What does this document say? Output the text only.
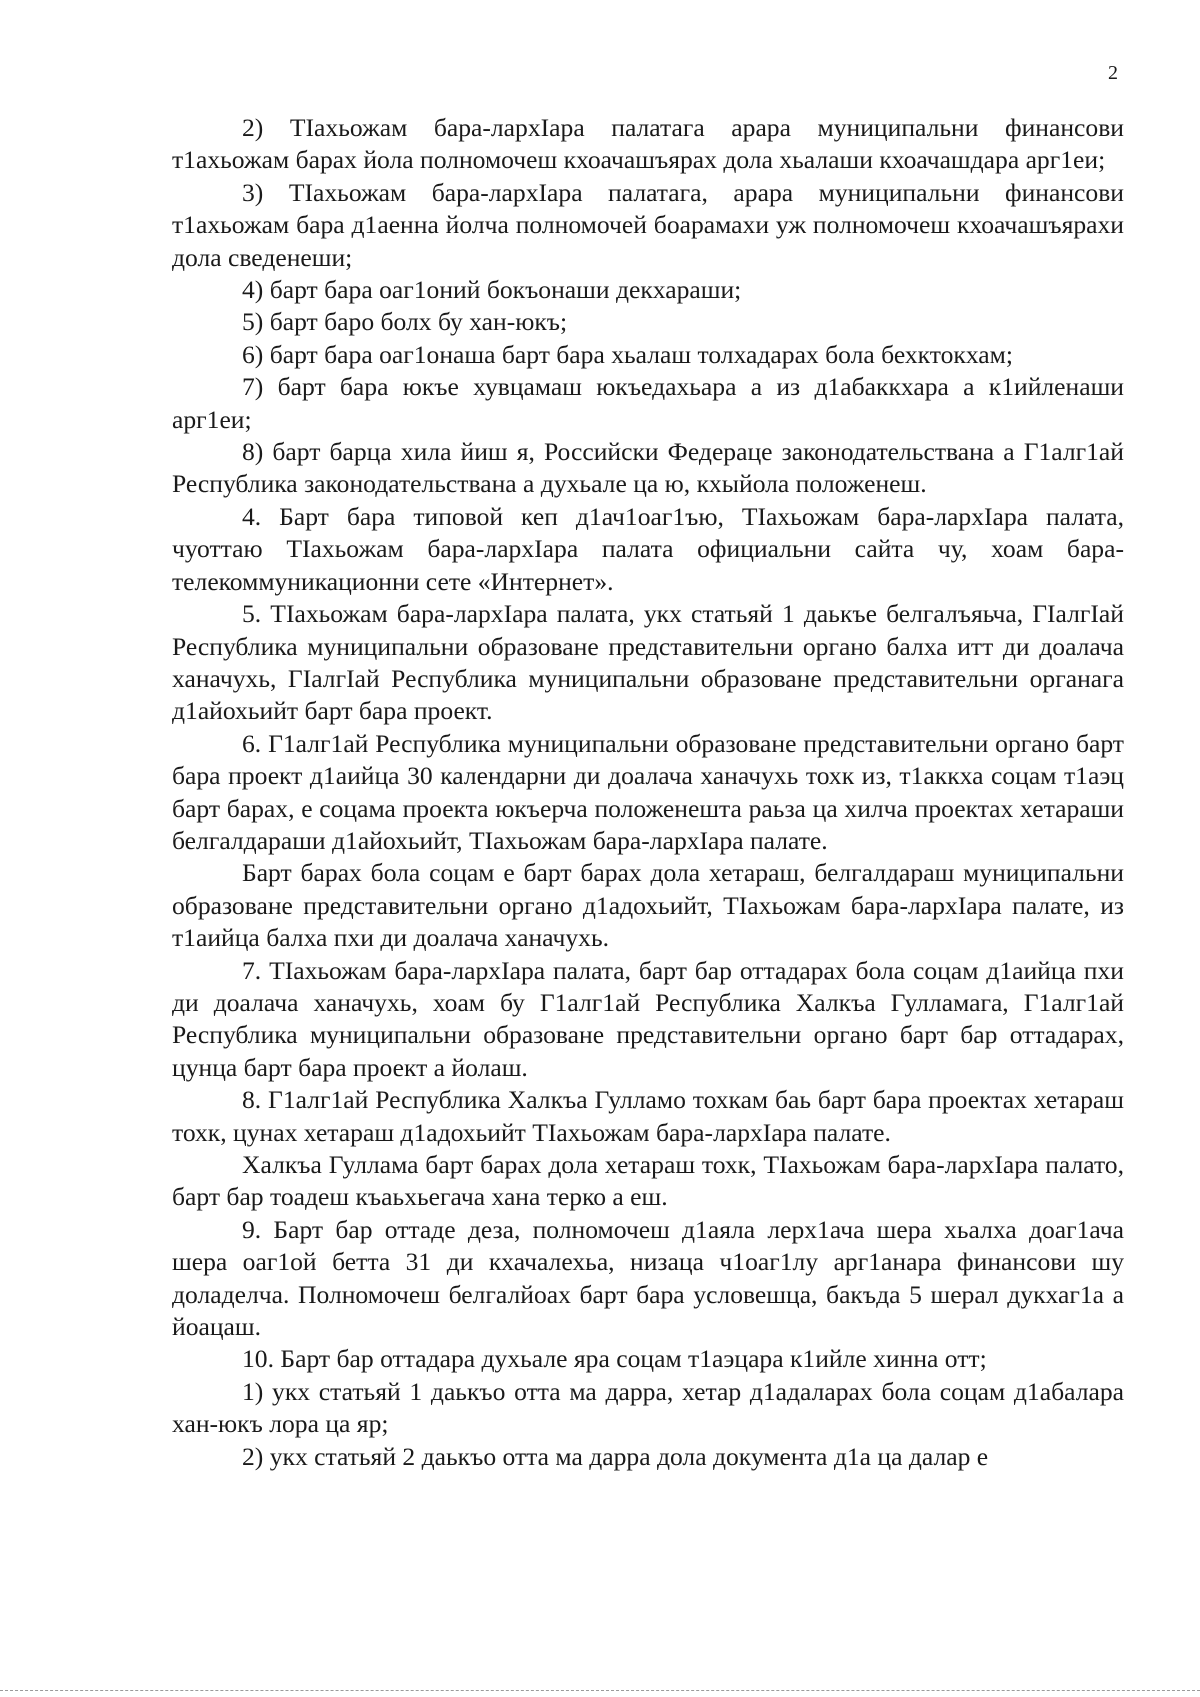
2

2) ТIахьожам бара-лархIара палатага арара муниципальни финансови т1ахьожам барах йола полномочеш кхоачашъярах дола хьалаши кхоачашдара арг1еи;

3) ТIахьожам бара-лархIара палатага, арара муниципальни финансови т1ахьожам бара д1аенна йолча полномочей боарамахи уж полномочеш кхоачашъярахи дола сведенеши;

4) барт бара оаг1оний бокъонаши декхараши;

5) барт баро болх бу хан-юкъ;

6) барт бара оаг1онаша барт бара хьалаш толхадарах бола бехктокхам;

7) барт бара юкъе хувцамаш юкъедахьара а из д1абаккхара а к1ийленаши арг1еи;

8) барт барца хила йиш я, Российски Федераце законодательствана а Г1алг1ай Республика законодательствана а духьале ца ю, кхыйола положенеш.

4. Барт бара типовой кеп д1ач1оаг1ъю, ТIахьожам бара-лархIара палата, чуоттаю ТIахьожам бара-лархIара палата официальни сайта чу, хоам бара-телекоммуникационни сете «Интернет».

5. ТIахьожам бара-лархIара палата, укх статьяй 1 даькъе белгалъяьча, ГIалгIай Республика муниципальни образоване представительни органо балха итт ди доалача ханачухь, ГIалгIай Республика муниципальни образоване представительни органага д1айохьийт барт бара проект.

6. Г1алг1ай Республика муниципальни образоване представительни органо барт бара проект д1аийца 30 календарни ди доалача ханачухь тохк из, т1аккха соцам т1аэц барт барах, е соцама проекта юкъерча положенешта раьза ца хилча проектах хетараши белгалдараши д1айохьийт, ТIахьожам бара-лархIара палате.

Барт барах бола соцам е барт барах дола хетараш, белгалдараш муниципальни образоване представительни органо д1адохьийт, ТIахьожам бара-лархIара палате, из т1аийца балха пхи ди доалача ханачухь.

7. ТIахьожам бара-лархIара палата, барт бар оттадарах бола соцам д1аийца пхи ди доалача ханачухь, хоам бу Г1алг1ай Республика Халкъа Гулламага, Г1алг1ай Республика муниципальни образоване представительни органо барт бар оттадарах, цунца барт бара проект а йолаш.

8. Г1алг1ай Республика Халкъа Гулламо тохкам баь барт бара проектах хетараш тохк, цунах хетараш д1адохьийт ТIахьожам бара-лархIара палате.

Халкъа Гуллама барт барах дола хетараш тохк, ТIахьожам бара-лархIара палато, барт бар тоадеш къаьхьегача хана терко а еш.

9. Барт бар оттаде деза, полномочеш д1аяла лерх1ача шера хьалха доаг1ача шера оаг1ой бетта 31 ди кхачалехьа, низаца ч1оаг1лу арг1анара финансови шу доладелча. Полномочеш белгалйоах барт бара условешца, бакъда 5 шерал дукхаг1а а йоацаш.

10. Барт бар оттадара духьале яра соцам т1аэцара к1ийле хинна отт;

1) укх статьяй 1 даькъо отта ма дарра, хетар д1адаларах бола соцам д1абалара хан-юкъ лора ца яр;

2) укх статьяй 2 даькъо отта ма дарра дола документа д1а ца далар е
